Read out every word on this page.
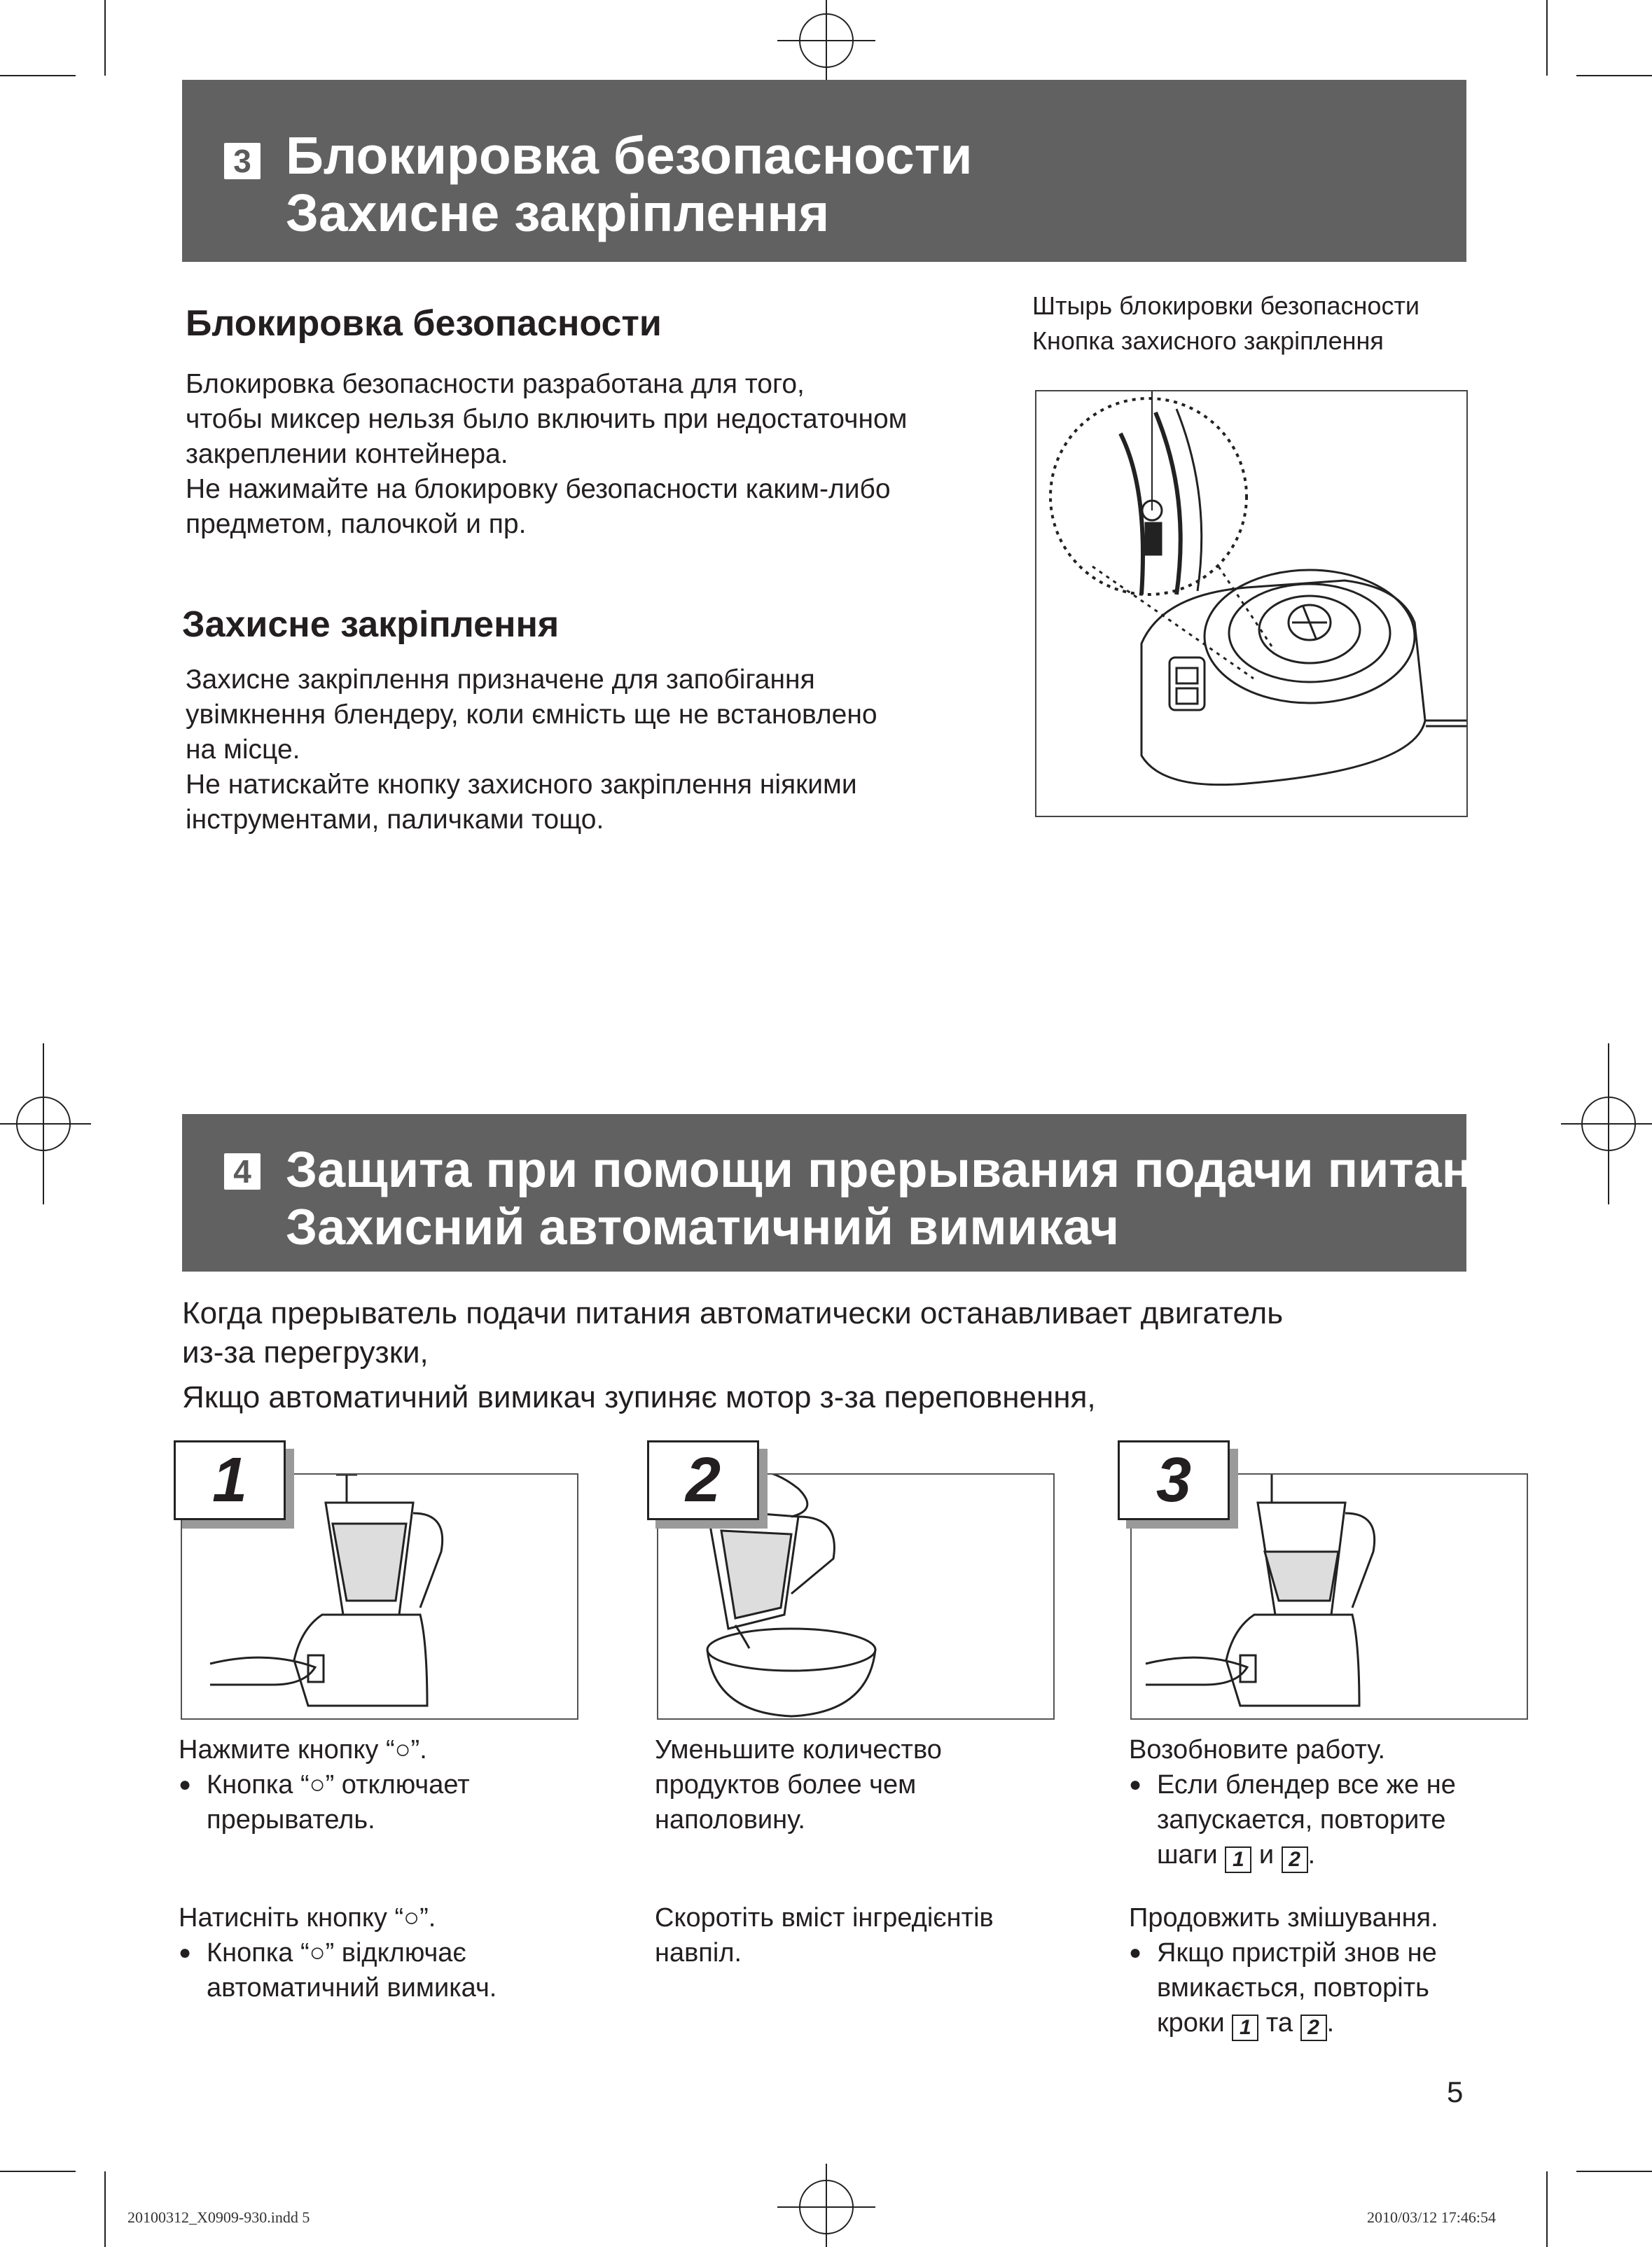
3 Блокировка безопасности
Захисне закріплення
Блокировка безопасности
Блокировка безопасности разработана для того,
чтобы миксер нельзя было включить при недостаточном
закреплении контейнера.
Не нажимайте на блокировку безопасности каким-либо
предметом, палочкой и пр.
Захисне закріплення
Захисне закріплення призначене для запобігання
увімкнення блендеру, коли ємність ще не встановлено
на місце.
Не натискайте кнопку захисного закріплення ніякими
інструментами, паличками тощо.
Штырь блокировки безопасности
Кнопка захисного закріплення
4 Защита при помощи прерывания подачи питания
Захисний автоматичний вимикач
Когда прерыватель подачи питания автоматически останавливает двигатель
из-за перегрузки,
Якщо автоматичний вимикач зупиняє мотор з-за переповнення,
1
Нажмите кнопку “○”.
● Кнопка “○” отключает
прерыватель.
Натисніть кнопку “○”.
● Кнопка “○” відключає
автоматичний вимикач.
2
Уменьшите количество
продуктов более чем
наполовину.
Скоротіть вміст інгредієнтів
навпіл.
3
Возобновите работу.
● Если блендер все же не
запускается, повторите
шаги 1 и 2 .
Продовжить змішування.
● Якщо пристрій знов не
вмикається, повторіть
кроки 1 та 2 .
5
20100312_X0909-930.indd 5	2010/03/12 17:46:54
